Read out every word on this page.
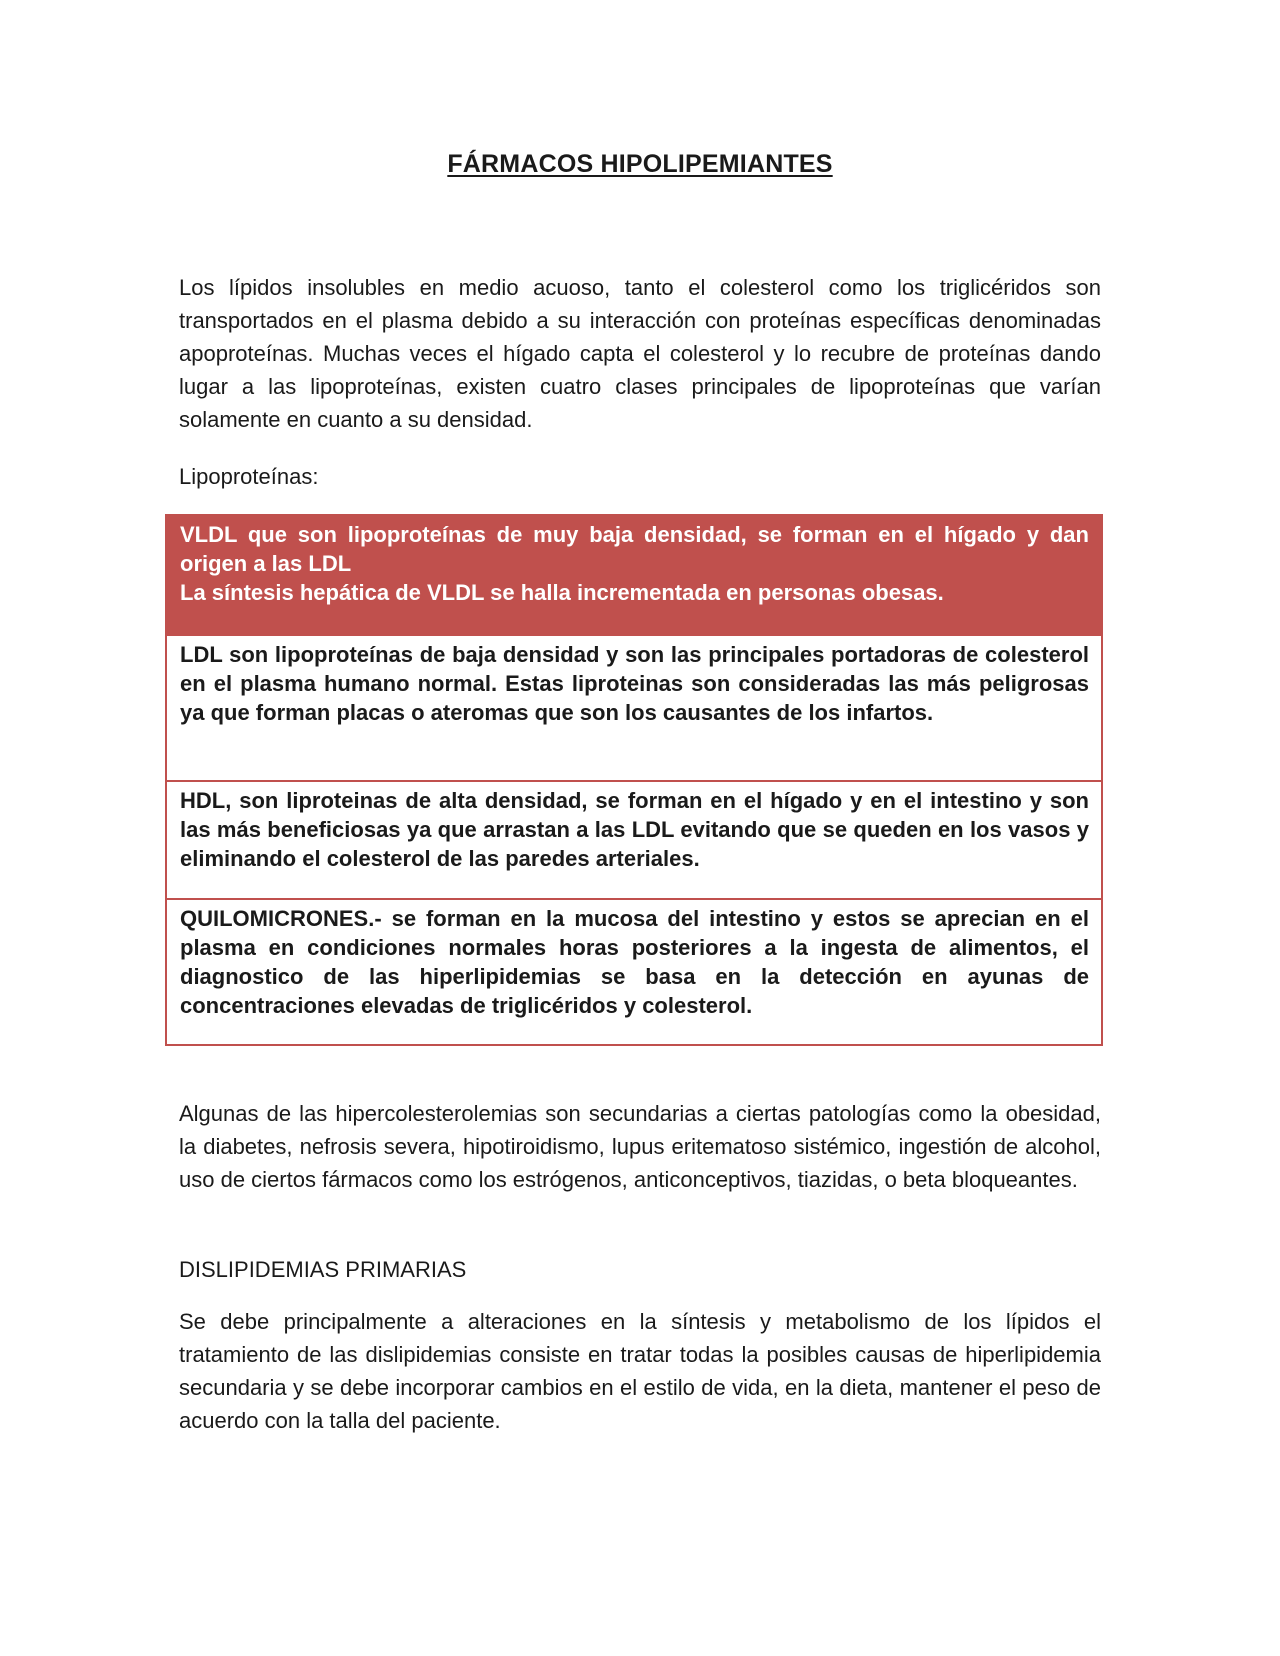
FÁRMACOS HIPOLIPEMIANTES

Los lípidos insolubles en medio acuoso, tanto el colesterol como los triglicéridos son transportados en el plasma debido a su interacción con proteínas específicas denominadas apoproteínas. Muchas veces el hígado capta el colesterol y lo recubre de proteínas dando lugar a las lipoproteínas, existen cuatro clases principales de lipoproteínas que varían solamente en cuanto a su densidad.

Lipoproteínas:

VLDL que son lipoproteínas de muy baja densidad, se forman en el hígado y dan origen a las LDL
La síntesis hepática de VLDL se halla incrementada en personas obesas.
LDL son lipoproteínas de baja densidad y son las principales portadoras de colesterol en el plasma humano normal. Estas liproteinas son consideradas las más peligrosas ya que forman placas o ateromas que son los causantes de los infartos.
HDL, son liproteinas de alta densidad, se forman en el hígado y en el intestino y son las más beneficiosas ya que arrastan a las LDL evitando que se queden en los vasos y eliminando el colesterol de las paredes arteriales.
QUILOMICRONES.- se forman en la mucosa del intestino y estos se aprecian en el plasma en condiciones normales horas posteriores a la ingesta de alimentos, el diagnostico de las hiperlipidemias se basa en la detección en ayunas de concentraciones elevadas de triglicéridos y colesterol.

Algunas de las hipercolesterolemias son secundarias a ciertas patologías como la obesidad, la diabetes, nefrosis severa, hipotiroidismo, lupus eritematoso sistémico, ingestión de alcohol, uso de ciertos fármacos como los estrógenos, anticonceptivos, tiazidas, o beta bloqueantes.

DISLIPIDEMIAS PRIMARIAS

Se debe principalmente a alteraciones en la síntesis y metabolismo de los lípidos el tratamiento de las dislipidemias consiste en tratar todas la posibles causas de hiperlipidemia secundaria y se debe incorporar cambios en el estilo de vida, en la dieta, mantener el peso de acuerdo con la talla del paciente.
